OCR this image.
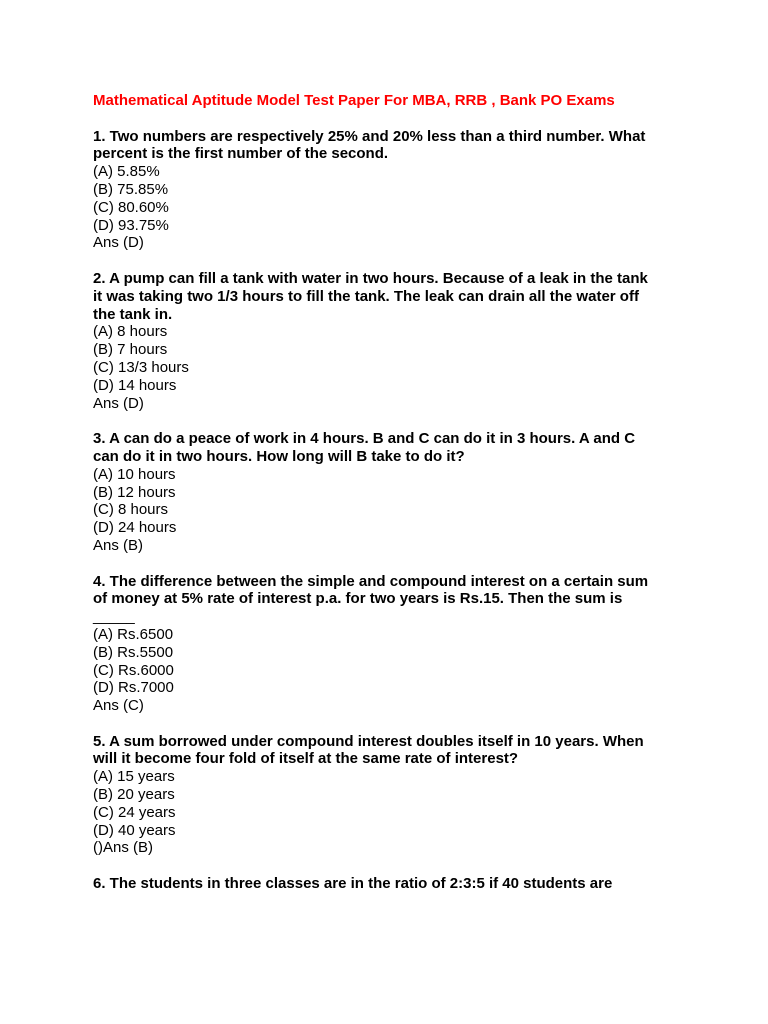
Mathematical Aptitude Model Test Paper For MBA, RRB , Bank PO Exams

1. Two numbers are respectively 25% and 20% less than a third number. What
percent is the first number of the second.

(A) 5.85%
(B) 75.85%
(C) 80.60%
(D) 93.75%

Ans (D)

2. A pump can fill a tank with water in two hours. Because of a leak in the tank
it was taking two 1/3 hours to fill the tank. The leak can drain all the water off
the tank in.

(A) 8 hours
(B) 7 hours
(C) 13/3 hours
(D) 14 hours

Ans (D)

3. A can do a peace of work in 4 hours. B and C can do it in 3 hours. A and C
can do it in two hours. How long will B take to do it?

(A) 10 hours
(B) 12 hours
(C) 8 hours
(D) 24 hours

Ans (B)

4. The difference between the simple and compound interest on a certain sum
of money at 5% rate of interest p.a. for two years is Rs.15. Then the sum is

_____

(A) Rs.6500
(B) Rs.5500
(C) Rs.6000
(D) Rs.7000

Ans (C)

5. A sum borrowed under compound interest doubles itself in 10 years. When
will it become four fold of itself at the same rate of interest?

(A) 15 years
(B) 20 years
(C) 24 years
(D) 40 years

()Ans (B)

6. The students in three classes are in the ratio of 2:3:5 if 40 students are
